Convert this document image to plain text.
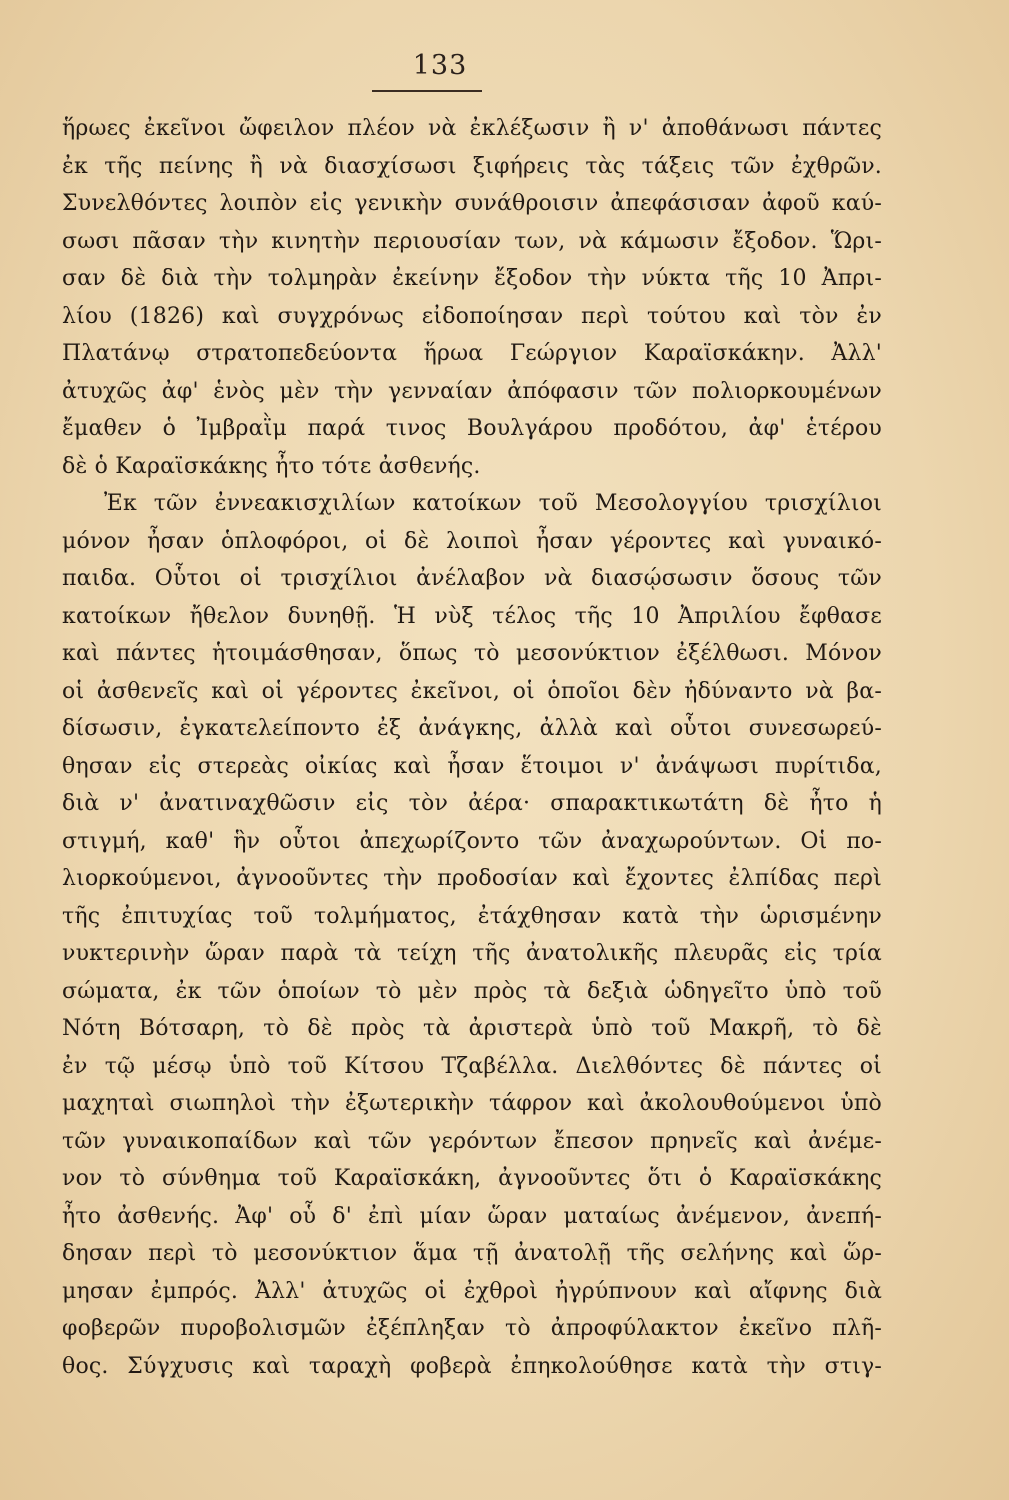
133
ἥρωες ἐκεῖνοι ὤφειλον πλέον νὰ ἐκλέξωσιν ἢ ν' ἀποθάνωσι πάντες
ἐκ τῆς πείνης ἢ νὰ διασχίσωσι ξιφήρεις τὰς τάξεις τῶν ἐχθρῶν.
Συνελθόντες λοιπὸν εἰς γενικὴν συνάθροισιν ἀπεφάσισαν ἀφοῦ καύ-
σωσι πᾶσαν τὴν κινητὴν περιουσίαν των, νὰ κάμωσιν ἔξοδον. Ὥρι-
σαν δὲ διὰ τὴν τολμηρὰν ἐκείνην ἔξοδον τὴν νύκτα τῆς 10 Ἀπρι-
λίου (1826) καὶ συγχρόνως εἰδοποίησαν περὶ τούτου καὶ τὸν ἐν
Πλατάνῳ στρατοπεδεύοντα ἥρωα Γεώργιον Καραϊσκάκην. Ἀλλ'
ἀτυχῶς ἀφ' ἑνὸς μὲν τὴν γενναίαν ἀπόφασιν τῶν πολιορκουμένων
ἔμαθεν ὁ Ἰμβραῒμ παρά τινος Βουλγάρου προδότου, ἀφ' ἑτέρου
δὲ ὁ Καραϊσκάκης ἦτο τότε ἀσθενής.
Ἐκ τῶν ἐννεακισχιλίων κατοίκων τοῦ Μεσολογγίου τρισχίλιοι
μόνον ἦσαν ὁπλοφόροι, οἱ δὲ λοιποὶ ἦσαν γέροντες καὶ γυναικό-
παιδα. Οὗτοι οἱ τρισχίλιοι ἀνέλαβον νὰ διασῴσωσιν ὅσους τῶν
κατοίκων ἤθελον δυνηθῇ. Ἡ νὺξ τέλος τῆς 10 Ἀπριλίου ἔφθασε
καὶ πάντες ἡτοιμάσθησαν, ὅπως τὸ μεσονύκτιον ἐξέλθωσι. Μόνον
οἱ ἀσθενεῖς καὶ οἱ γέροντες ἐκεῖνοι, οἱ ὁποῖοι δὲν ἠδύναντο νὰ βα-
δίσωσιν, ἐγκατελείποντο ἐξ ἀνάγκης, ἀλλὰ καὶ οὗτοι συνεσωρεύ-
θησαν εἰς στερεὰς οἰκίας καὶ ἦσαν ἕτοιμοι ν' ἀνάψωσι πυρίτιδα,
διὰ ν' ἀνατιναχθῶσιν εἰς τὸν ἀέρα· σπαρακτικωτάτη δὲ ἦτο ἡ
στιγμή, καθ' ἣν οὗτοι ἀπεχωρίζοντο τῶν ἀναχωρούντων. Οἱ πο-
λιορκούμενοι, ἀγνοοῦντες τὴν προδοσίαν καὶ ἔχοντες ἐλπίδας περὶ
τῆς ἐπιτυχίας τοῦ τολμήματος, ἐτάχθησαν κατὰ τὴν ὡρισμένην
νυκτερινὴν ὥραν παρὰ τὰ τείχη τῆς ἀνατολικῆς πλευρᾶς εἰς τρία
σώματα, ἐκ τῶν ὁποίων τὸ μὲν πρὸς τὰ δεξιὰ ὡδηγεῖτο ὑπὸ τοῦ
Νότη Βότσαρη, τὸ δὲ πρὸς τὰ ἀριστερὰ ὑπὸ τοῦ Μακρῆ, τὸ δὲ
ἐν τῷ μέσῳ ὑπὸ τοῦ Κίτσου Τζαβέλλα. Διελθόντες δὲ πάντες οἱ
μαχηταὶ σιωπηλοὶ τὴν ἐξωτερικὴν τάφρον καὶ ἀκολουθούμενοι ὑπὸ
τῶν γυναικοπαίδων καὶ τῶν γερόντων ἔπεσον πρηνεῖς καὶ ἀνέμε-
νον τὸ σύνθημα τοῦ Καραϊσκάκη, ἀγνοοῦντες ὅτι ὁ Καραϊσκάκης
ἦτο ἀσθενής. Ἀφ' οὗ δ' ἐπὶ μίαν ὥραν ματαίως ἀνέμενον, ἀνεπή-
δησαν περὶ τὸ μεσονύκτιον ἅμα τῇ ἀνατολῇ τῆς σελήνης καὶ ὥρ-
μησαν ἐμπρός. Ἀλλ' ἀτυχῶς οἱ ἐχθροὶ ἠγρύπνουν καὶ αἴφνης διὰ
φοβερῶν πυροβολισμῶν ἐξέπληξαν τὸ ἀπροφύλακτον ἐκεῖνο πλῆ-
θος. Σύγχυσις καὶ ταραχὴ φοβερὰ ἐπηκολούθησε κατὰ τὴν στιγ-
